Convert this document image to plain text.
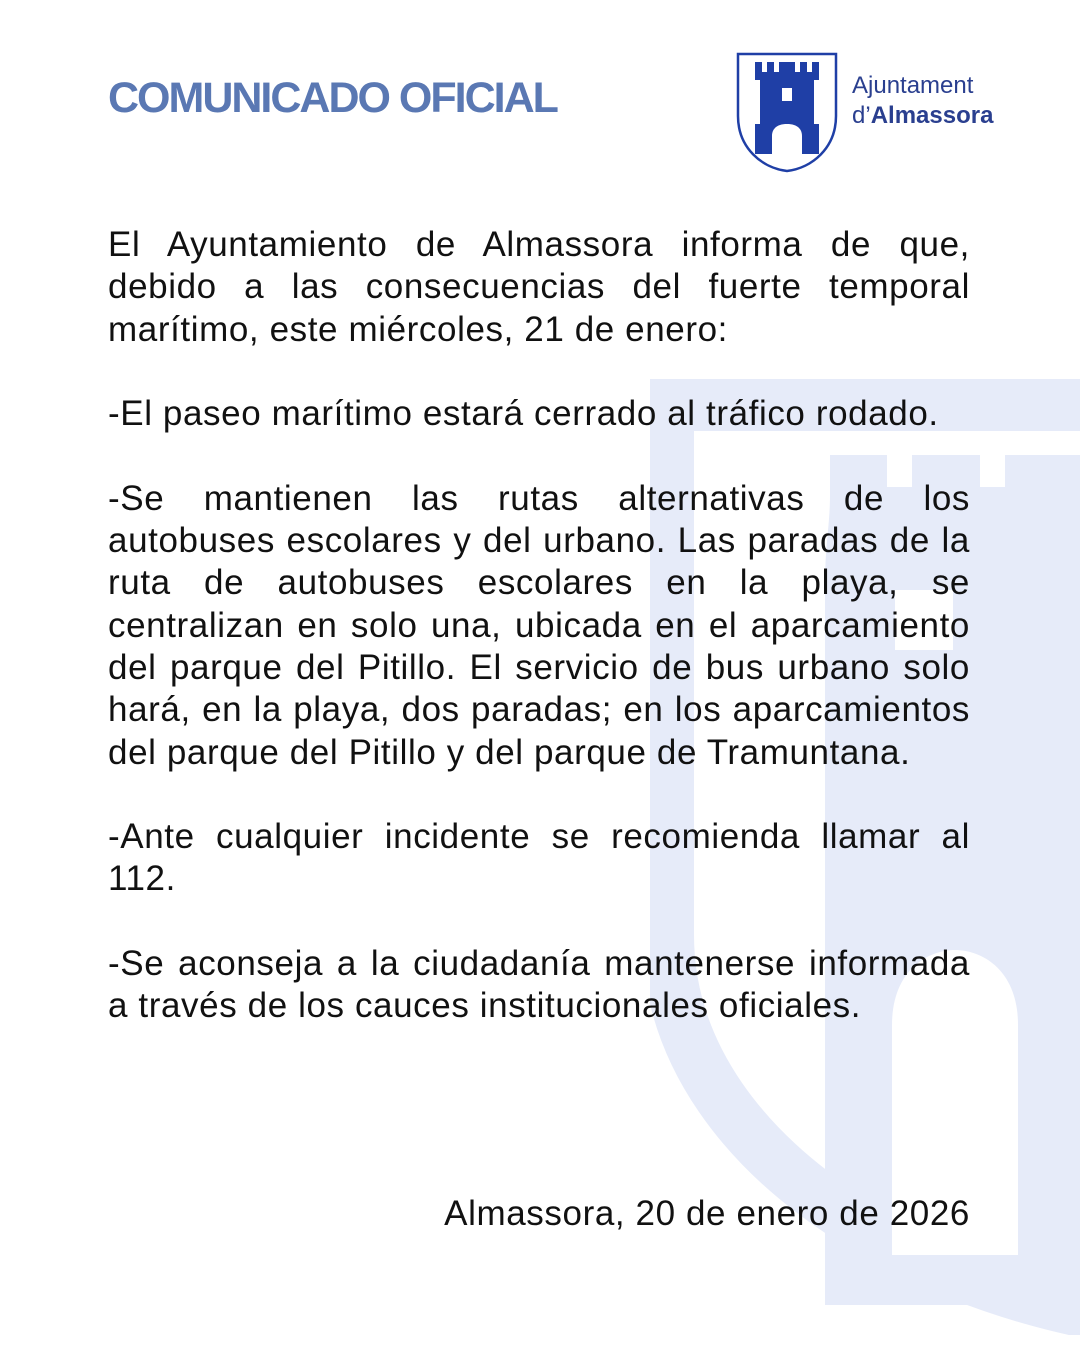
COMUNICADO OFICIAL	Ajuntament
d’Almassora

El Ayuntamiento de Almassora informa de que, debido a las consecuencias del fuerte temporal marítimo, este miércoles, 21 de enero:

-El paseo marítimo estará cerrado al tráfico rodado.

-Se mantienen las rutas alternativas de los autobuses escolares y del urbano. Las paradas de la ruta de autobuses escolares en la playa, se centralizan en solo una, ubicada en el aparcamiento del parque del Pitillo. El servicio de bus urbano solo hará, en la playa, dos paradas; en los aparcamientos del parque del Pitillo y del parque de Tramuntana.

-Ante cualquier incidente se recomienda llamar al 112.

-Se aconseja a la ciudadanía mantenerse informada a través de los cauces institucionales oficiales.

Almassora, 20 de enero de 2026
